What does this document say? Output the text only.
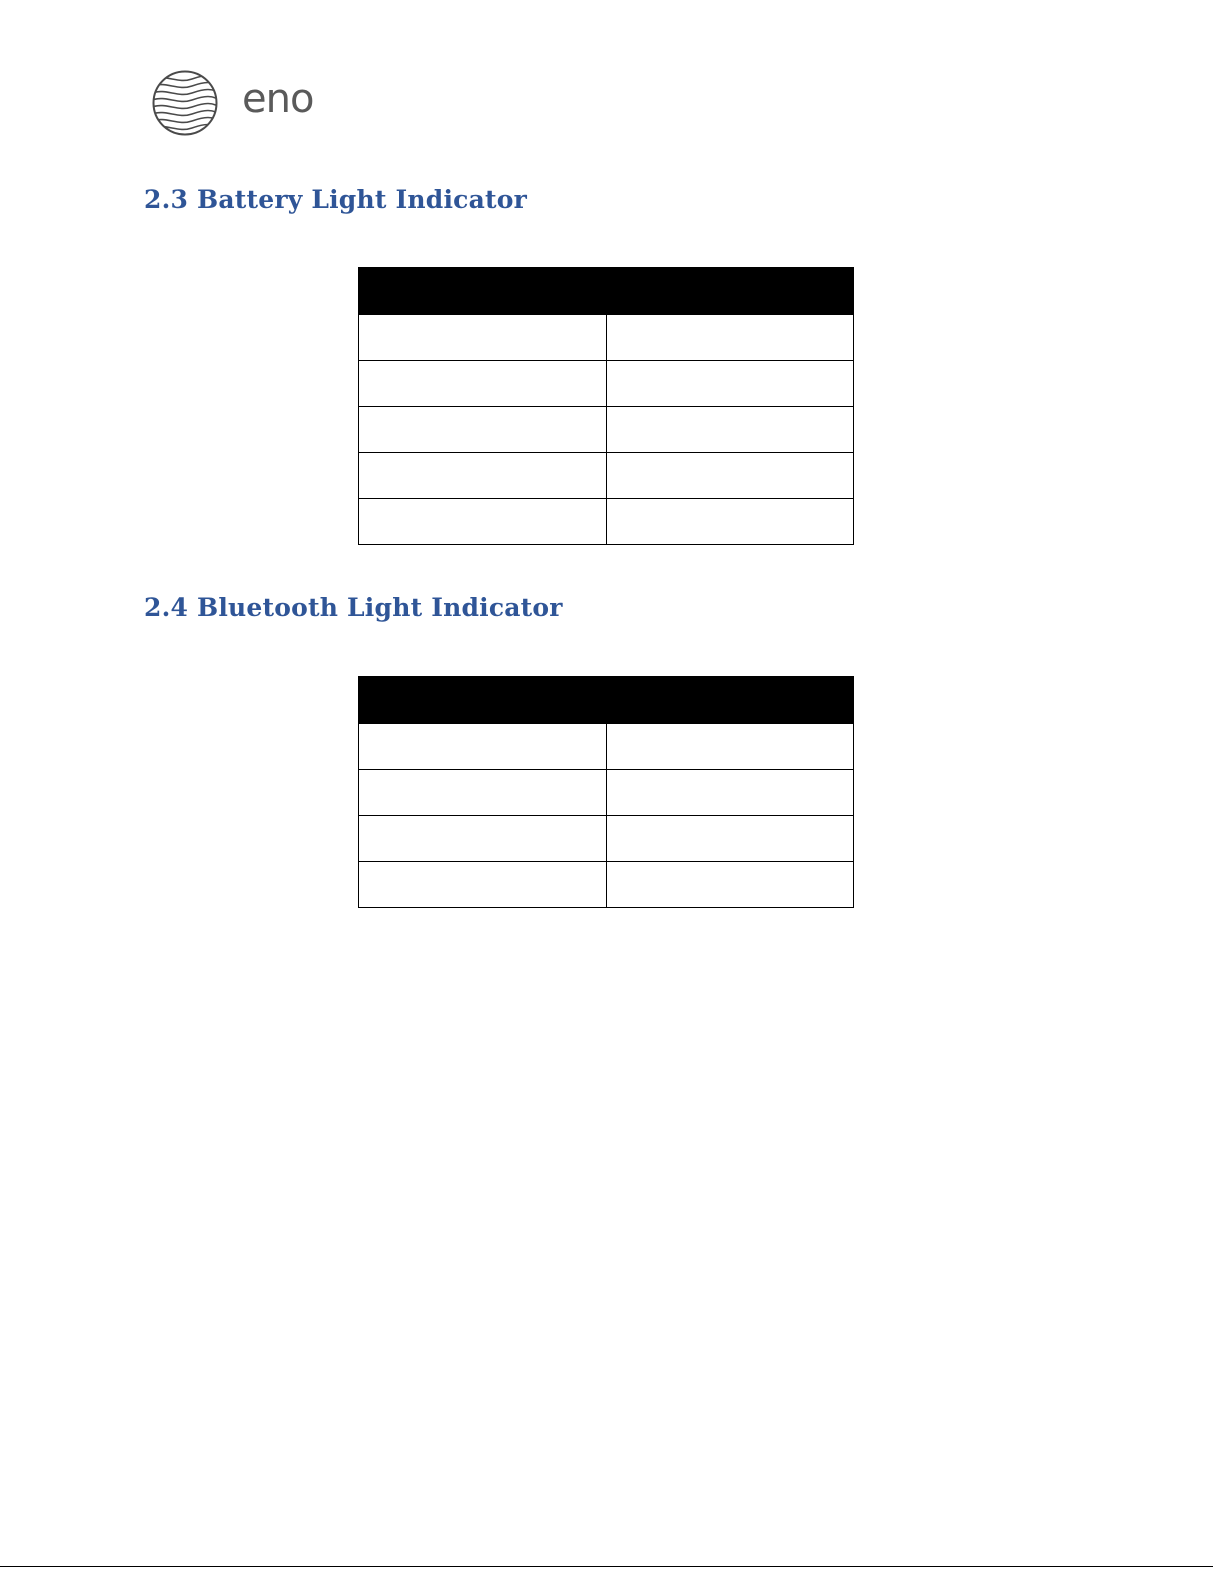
eno
2.3 Battery Light Indicator

2.4 Bluetooth Light Indicator
